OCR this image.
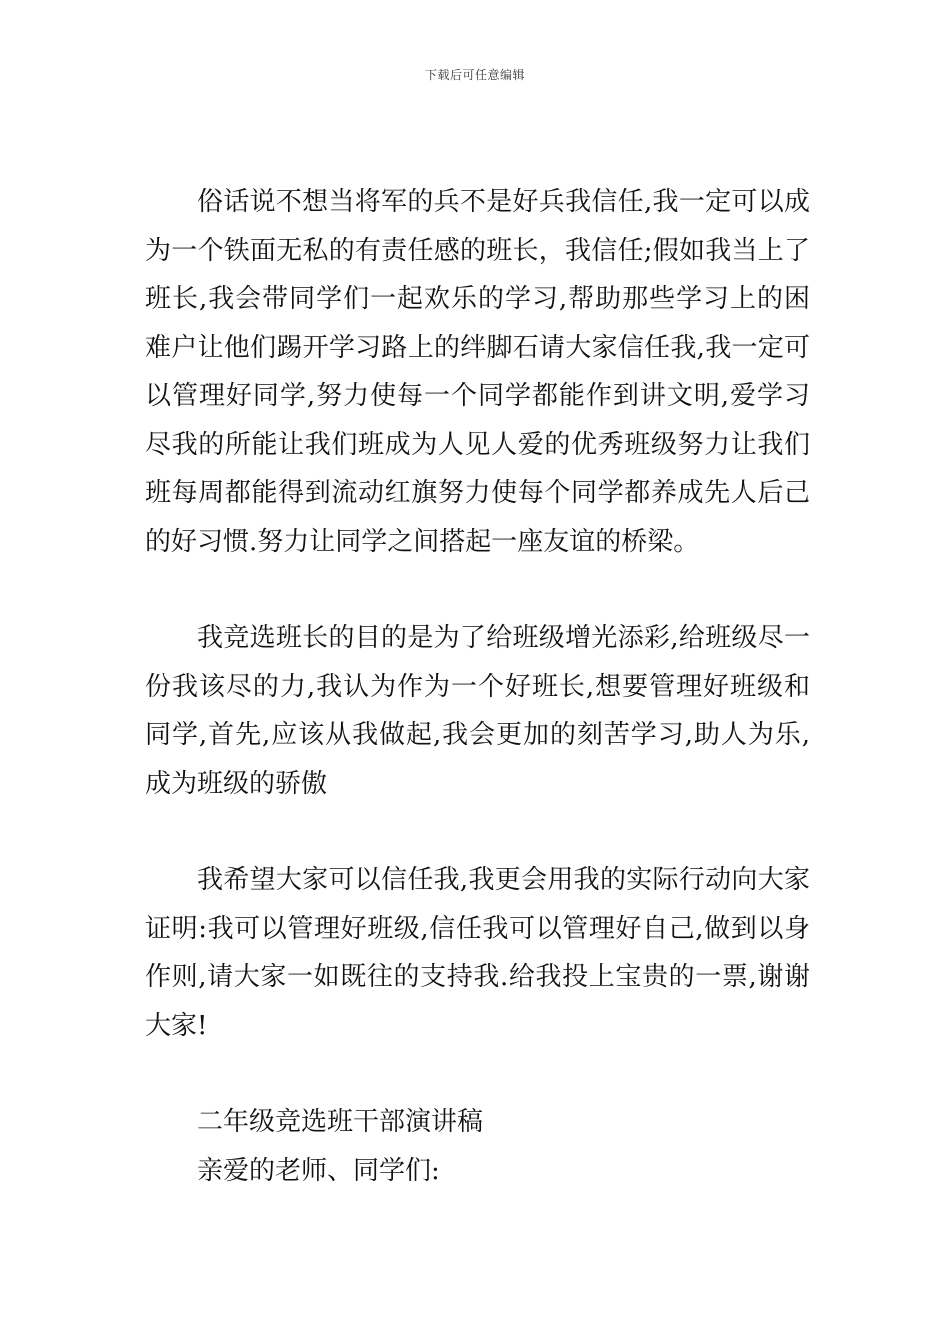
下载后可任意编辑

俗话说不想当将军的兵不是好兵我信任,我一定可以成为一个铁面无私的有责任感的班长，我信任;假如我当上了班长,我会带同学们一起欢乐的学习,帮助那些学习上的困难户让他们踢开学习路上的绊脚石请大家信任我,我一定可以管理好同学,努力使每一个同学都能作到讲文明,爱学习尽我的所能让我们班成为人见人爱的优秀班级努力让我们班每周都能得到流动红旗努力使每个同学都养成先人后己的好习惯.努力让同学之间搭起一座友谊的桥梁。

我竞选班长的目的是为了给班级增光添彩,给班级尽一份我该尽的力,我认为作为一个好班长,想要管理好班级和同学,首先,应该从我做起,我会更加的刻苦学习,助人为乐,成为班级的骄傲

我希望大家可以信任我,我更会用我的实际行动向大家证明:我可以管理好班级,信任我可以管理好自己,做到以身作则,请大家一如既往的支持我.给我投上宝贵的一票,谢谢大家!

二年级竞选班干部演讲稿

亲爱的老师、同学们:
